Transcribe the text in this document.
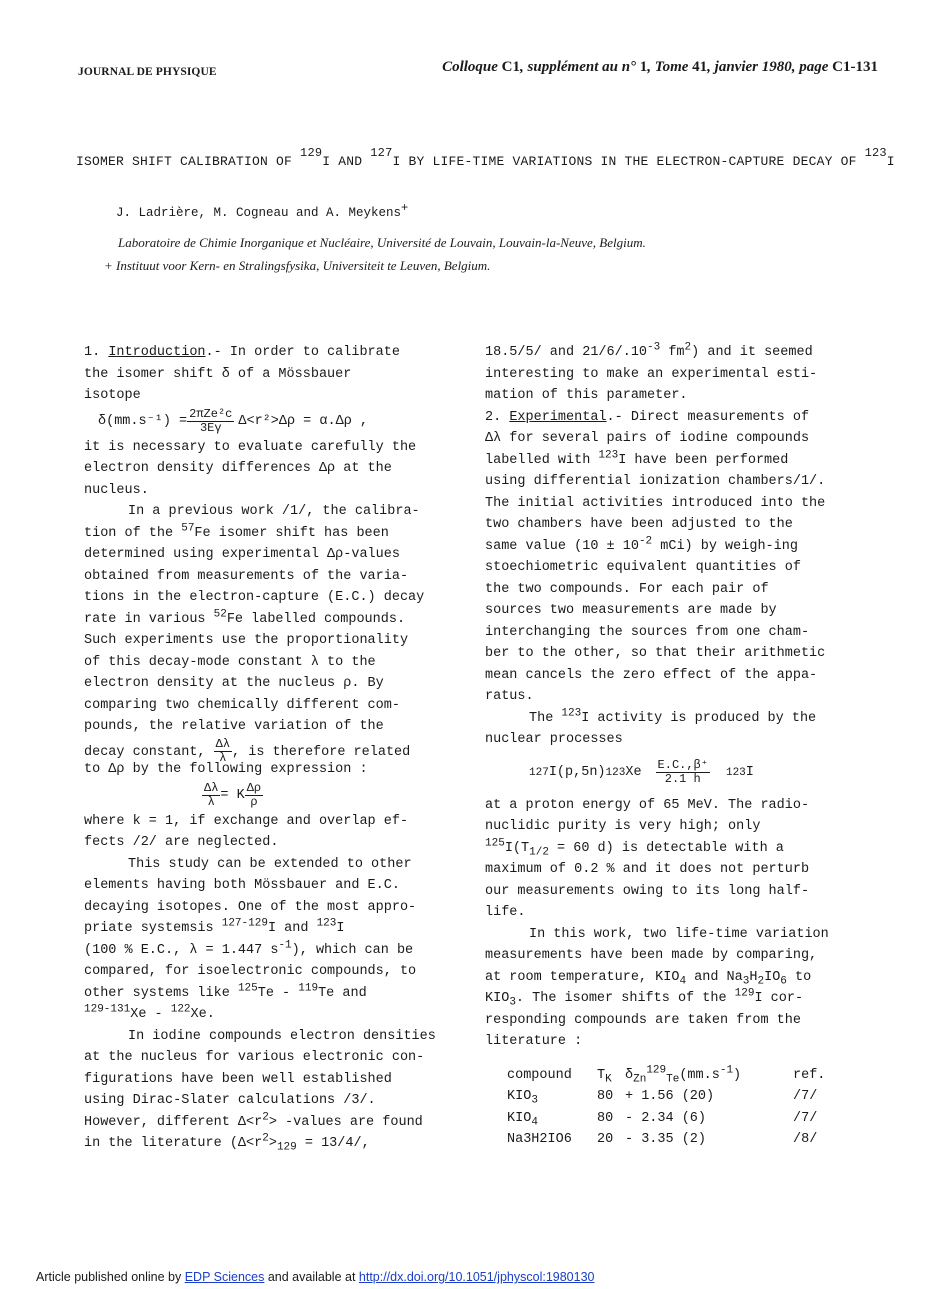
JOURNAL DE PHYSIQUE	Colloque C1, supplément au n° 1, Tome 41, janvier 1980, page C1-131
ISOMER SHIFT CALIBRATION OF $^{129}$I AND $^{127}$I BY LIFE-TIME VARIATIONS IN THE ELECTRON-CAPTURE DECAY OF $^{123}$I
J. Ladrière, M. Cogneau and A. Meykens+
Laboratoire de Chimie Inorganique et Nucléaire, Université de Louvain, Louvain-la-Neuve, Belgium.
+ Instituut voor Kern- en Stralingsfysika, Universiteit te Leuven, Belgium.
1. Introduction.- In order to calibrate
the isomer shift δ of a Mössbauer
isotope
$\delta(mm.s^{-1}) = \frac{\text{2πZe²c}}{3E\gamma} \Delta<r^2>\Delta\rho = \alpha.\Delta\rho$ ,
it is necessary to evaluate carefully the
electron density differences Δρ at the
nucleus.
In a previous work /1/, the calibra-
tion of the $^{57}$Fe isomer shift has been
determined using experimental Δρ-values
obtained from measurements of the varia-
tions in the electron-capture (E.C.) decay
rate in various $^{52}$Fe labelled compounds.
Such experiments use the proportionality
of this decay-mode constant λ to the
electron density at the nucleus ρ. By
comparing two chemically different com-
pounds, the relative variation of the
decay constant, $\frac{\Delta\lambda}{\lambda}$ , is therefore related
to Δρ by the following expression :
$\frac{\Delta\lambda}{\lambda} = K \frac{\Delta\rho}{\rho}$
where k = 1, if exchange and overlap ef-
fects /2/ are neglected.
This study can be extended to other
elements having both Mössbauer and E.C.
decaying isotopes. One of the most appro-
priate systemsis $^{127-129}$I and $^{123}$I
(100 % E.C., λ = 1.447 $s^{-1}$), which can be
compared, for isoelectronic compounds, to
other systems like $^{125}$Te - $^{119}$Te and
$^{129-131}$Xe - $^{122}$Xe.
In iodine compounds electron densities
at the nucleus for various electronic con-
figurations have been well established
using Dirac-Slater calculations /3/.
However, different $\Delta<r^2>$ -values are found
in the literature ($\Delta<r^2>_{129} = 13/4/$,
18.5/5/ and $21/6/.10^{-3}$ $fm^2$) and it seemed
interesting to make an experimental esti-
mation of this parameter.
2. Experimental.- Direct measurements of
Δλ for several pairs of iodine compounds
labelled with $^{123}$I have been performed
using differential ionization chambers/1/.
The initial activities introduced into the
two chambers have been adjusted to the
same value ($10 \pm 10^{-2}$ mCi) by weigh-ing
stoechiometric equivalent quantities of
the two compounds. For each pair of
sources two measurements are made by
interchanging the sources from one cham-
ber to the other, so that their arithmetic
mean cancels the zero effect of the appa-
ratus.
The $^{123}$I activity is produced by the
nuclear processes
127 I(p,5n) 123 Xe $\frac{E.C.,\beta^+}{2.1 h} 123$ I
at a proton energy of 65 MeV. The radio-
nuclidic purity is very high; only
$^{125}I(T_{1/2} = 60$ d) is detectable with a
maximum of 0.2 % and it does not perturb
our measurements owing to its long half-
life.
In this work, two life-time variation
measurements have been made by comparing,
at room temperature, $KIO_4$ and $Na_3H_2IO_6$ to
$KIO_3$. The isomer shifts of the $^{129}$I cor-
responding compounds are taken from the
literature :
compound	$T_K$	$\delta_{Zn}^{129}_{Te}(mm.s^{-1})$	ref.
$KIO_3$	80	+ 1.56 (20)	/7/
$KIO_4$	80	- 2.34 (6)	/7/
Na3H2IO6	20	- 3.35 (2)	/8/
Article published online by EDP Sciences and available at http://dx.doi.org/10.1051/jphyscol:1980130
